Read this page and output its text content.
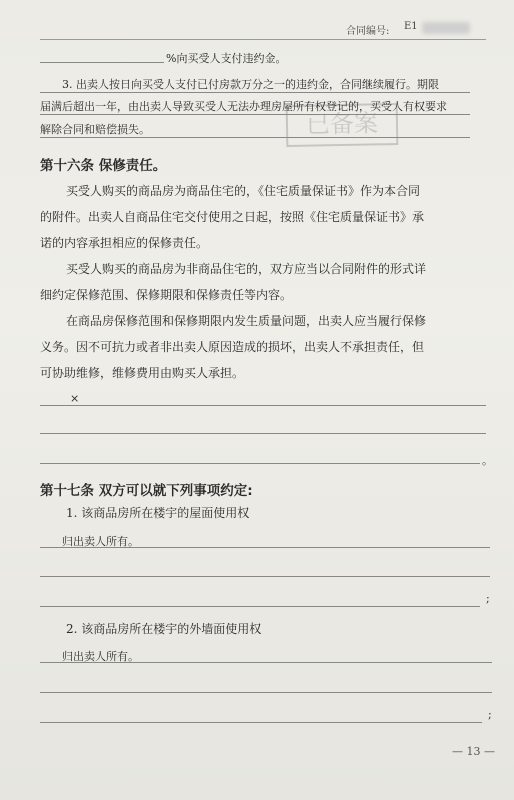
合同编号: E1
已备案
%向买受人支付违约金。
3. 出卖人按日向买受人支付已付房款万分之一的违约金，合同继续履行。期限
届满后超出一年，由出卖人导致买受人无法办理房屋所有权登记的，买受人有权要求
解除合同和赔偿损失。
第十六条 保修责任。
买受人购买的商品房为商品住宅的，《住宅质量保证书》作为本合同
的附件。出卖人自商品住宅交付使用之日起，按照《住宅质量保证书》承
诺的内容承担相应的保修责任。
买受人购买的商品房为非商品住宅的，双方应当以合同附件的形式详
细约定保修范围、保修期限和保修责任等内容。
在商品房保修范围和保修期限内发生质量问题，出卖人应当履行保修
义务。因不可抗力或者非出卖人原因造成的损坏，出卖人不承担责任，但
可协助维修，维修费用由购买人承担。
×
。
第十七条 双方可以就下列事项约定:
1. 该商品房所在楼宇的屋面使用权
归出卖人所有。
;
2. 该商品房所在楼宇的外墙面使用权
归出卖人所有。
;
— 13 —
